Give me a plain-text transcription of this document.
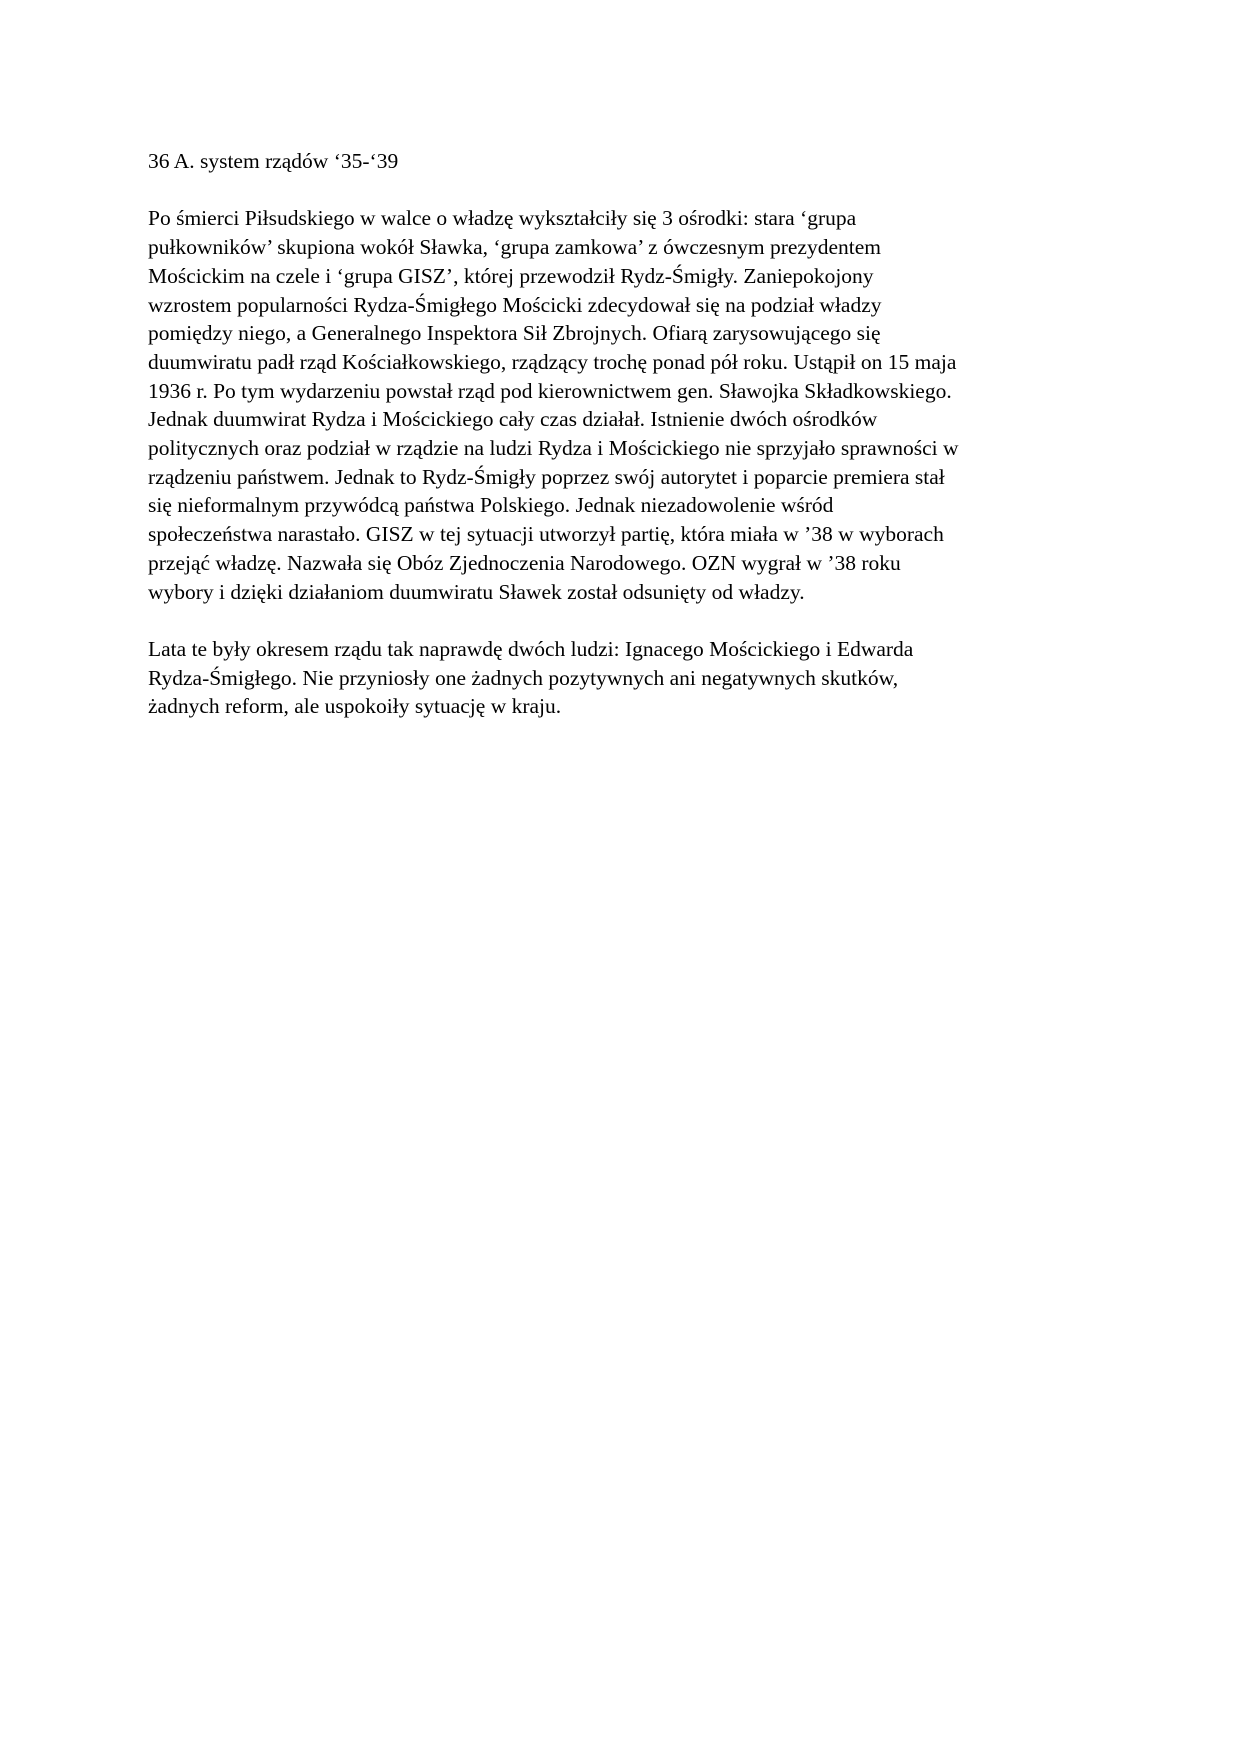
36 A. system rządów ‘35-‘39
Po śmierci Piłsudskiego w walce o władzę wykształciły się 3 ośrodki: stara ‘grupa
pułkowników’ skupiona wokół Sławka, ‘grupa zamkowa’ z ówczesnym prezydentem
Mościckim na czele i ‘grupa GISZ’, której przewodził Rydz-Śmigły. Zaniepokojony
wzrostem popularności Rydza-Śmigłego Mościcki zdecydował się na podział władzy
pomiędzy niego, a Generalnego Inspektora Sił Zbrojnych. Ofiarą zarysowującego się
duumwiratu padł rząd Kościałkowskiego, rządzący trochę ponad pół roku. Ustąpił on 15 maja
1936 r. Po tym wydarzeniu powstał rząd pod kierownictwem gen. Sławojka Składkowskiego.
Jednak duumwirat Rydza i Mościckiego cały czas działał. Istnienie dwóch ośrodków
politycznych oraz podział w rządzie na ludzi Rydza i Mościckiego nie sprzyjało sprawności w
rządzeniu państwem. Jednak to Rydz-Śmigły poprzez swój autorytet i poparcie premiera stał
się nieformalnym przywódcą państwa Polskiego. Jednak niezadowolenie wśród
społeczeństwa narastało. GISZ w tej sytuacji utworzył partię, która miała w ’38 w wyborach
przejąć władzę. Nazwała się Obóz Zjednoczenia Narodowego. OZN wygrał w ’38 roku
wybory i dzięki działaniom duumwiratu Sławek został odsunięty od władzy.
Lata te były okresem rządu tak naprawdę dwóch ludzi: Ignacego Mościckiego i Edwarda
Rydza-Śmigłego. Nie przyniosły one żadnych pozytywnych ani negatywnych skutków,
żadnych reform, ale uspokoiły sytuację w kraju.
